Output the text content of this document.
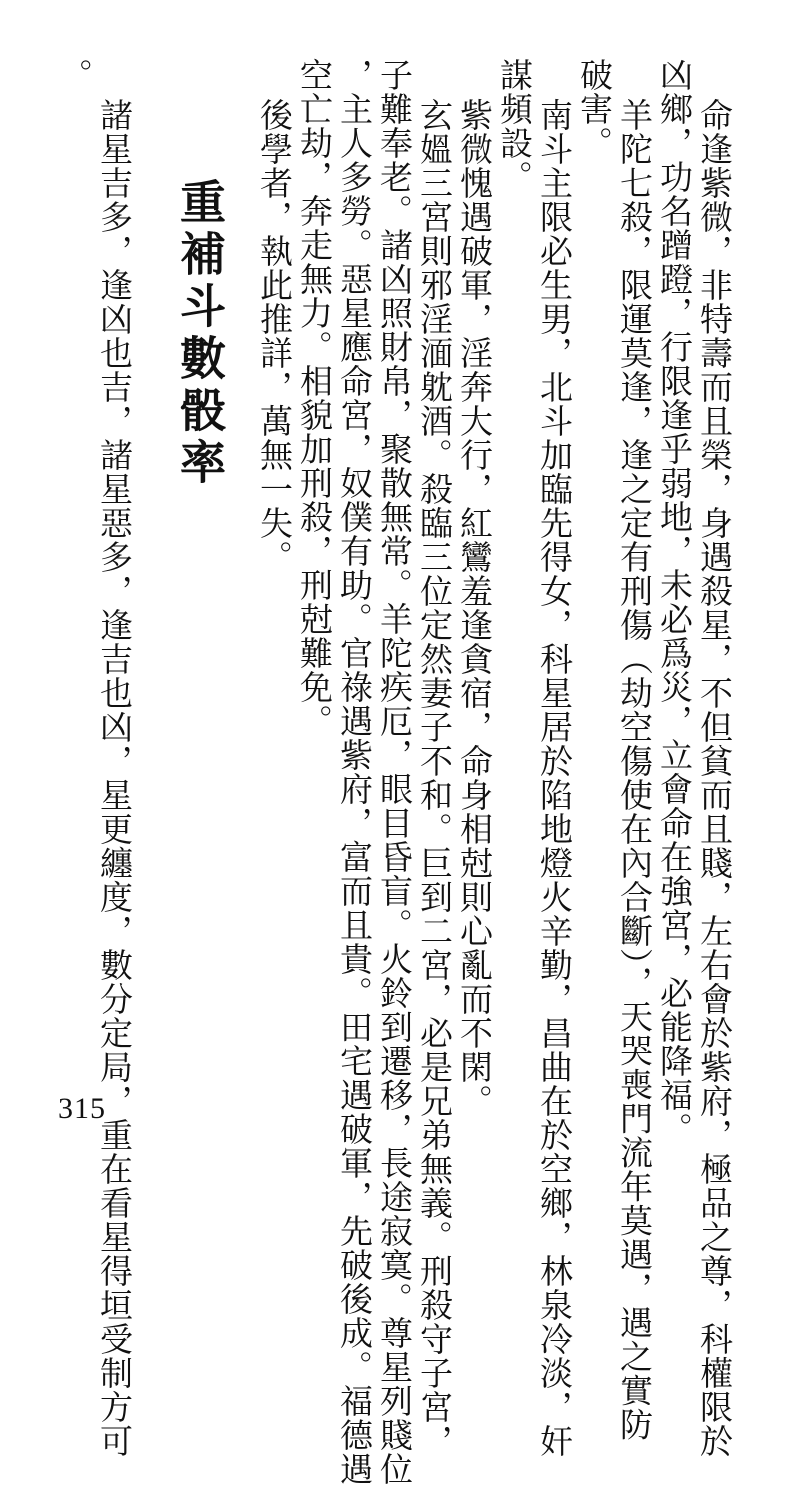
命逢紫微，非特壽而且榮，身遇殺星，不但貧而且賤，左右會於紫府，極品之尊，科權限於
凶鄉，功名蹭蹬，行限逢乎弱地，未必爲災，立會命在強宮，必能降福。
羊陀七殺，限運莫逢，逢之定有刑傷（劫空傷使在內合斷），天哭喪門流年莫遇，遇之實防
破害。
南斗主限必生男，北斗加臨先得女，科星居於陷地燈火辛勤，昌曲在於空鄉，林泉冷淡，奸
謀頻設。
紫微愧遇破軍，淫奔大行，紅鸞羞逢貪宿，命身相尅則心亂而不閑。
玄媼三宮則邪淫湎躭酒。殺臨三位定然妻子不和。巨到二宮，必是兄弟無義。刑殺守子宮，
子難奉老。諸凶照財帛，聚散無常。羊陀疾厄，眼目昏盲。火鈴到遷移，長途寂寞。尊星列賤位
，主人多勞。惡星應命宮，奴僕有助。官祿遇紫府，富而且貴。田宅遇破軍，先破後成。福德遇
空亡劫，奔走無力。相貌加刑殺，刑尅難免。
後學者，執此推詳，萬無一失。
。
重補斗數骰率
諸星吉多，逢凶也吉，諸星惡多，逢吉也凶，星更纏度，數分定局，重在看星得垣受制方可
315
